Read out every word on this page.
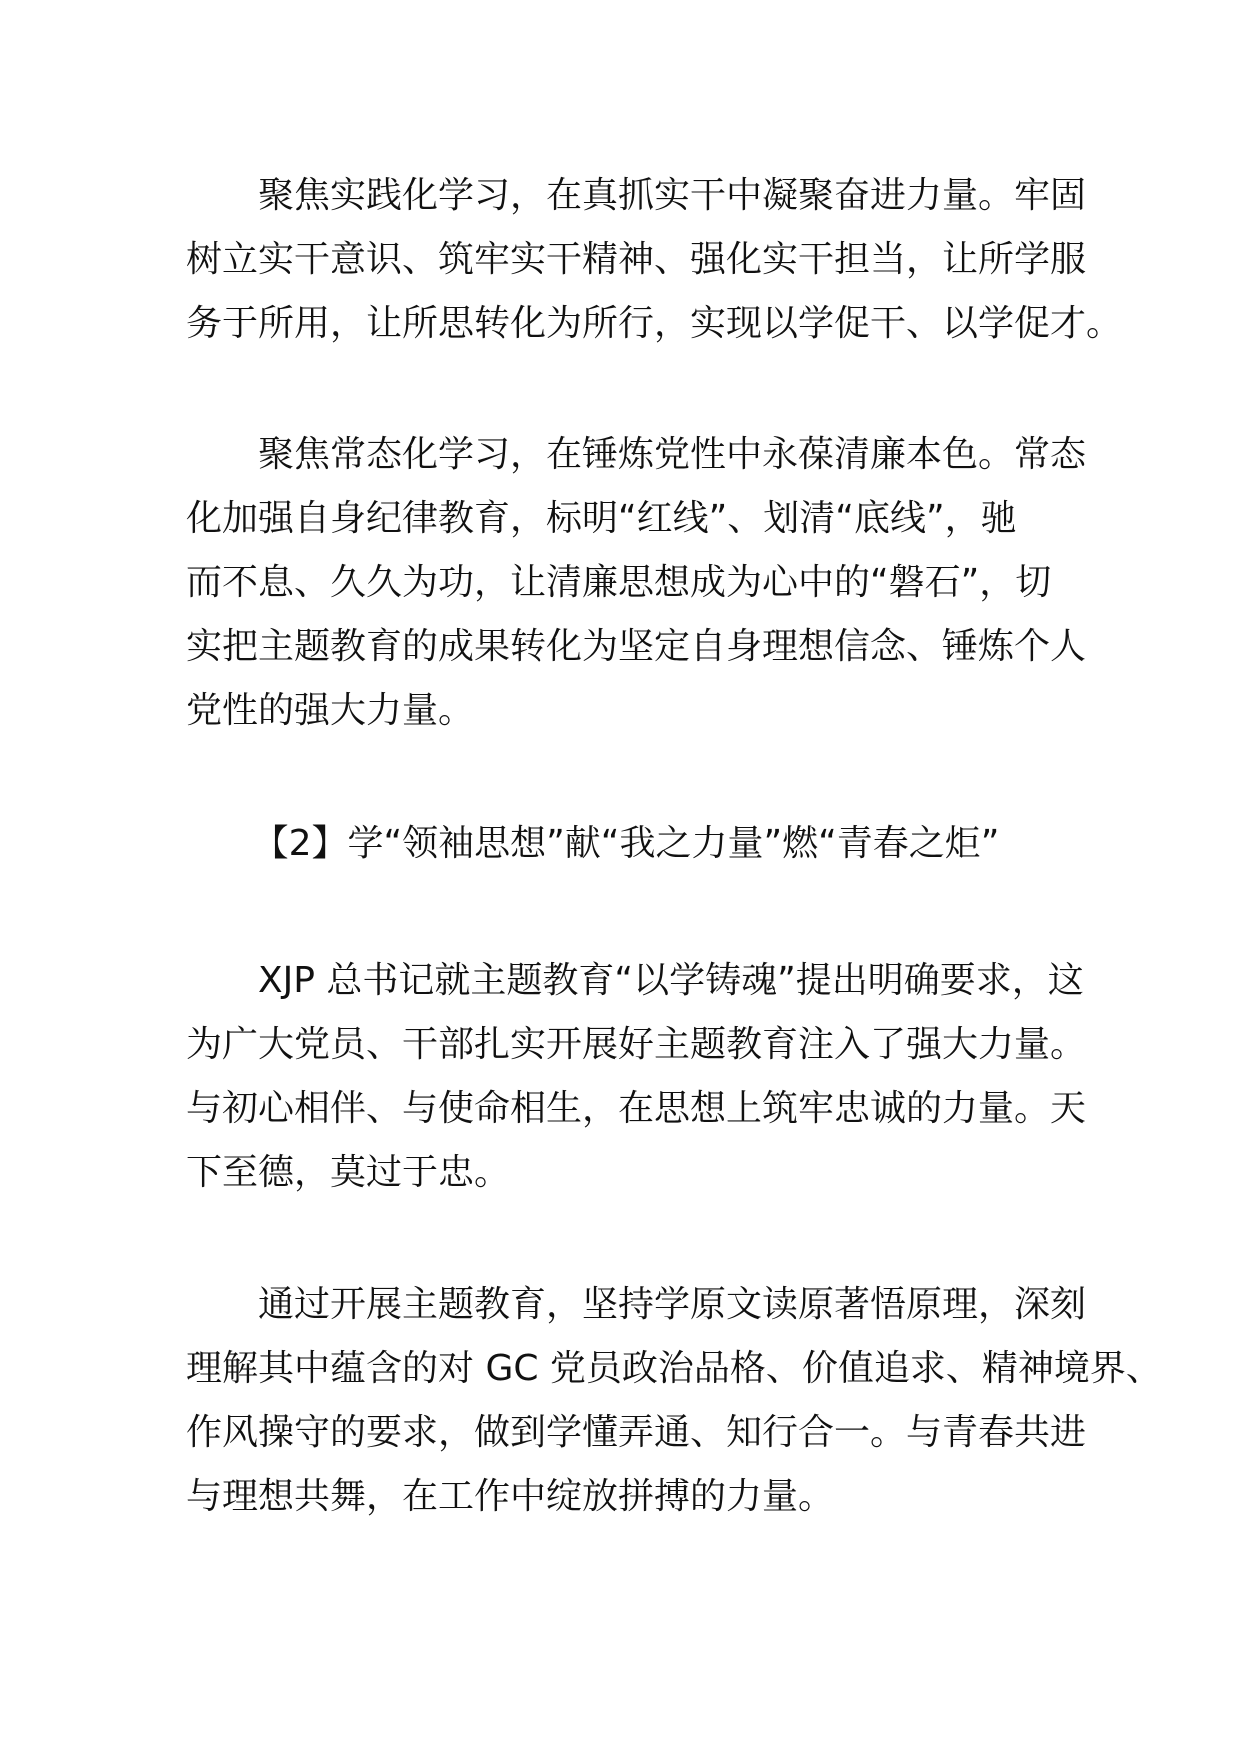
聚焦实践化学习，在真抓实干中凝聚奋进力量。牢固
树立实干意识、筑牢实干精神、强化实干担当，让所学服
务于所用，让所思转化为所行，实现以学促干、以学促才。
聚焦常态化学习，在锤炼党性中永葆清廉本色。常态
化加强自身纪律教育，标明“红线”、划清“底线”，驰
而不息、久久为功，让清廉思想成为心中的“磐石”，切
实把主题教育的成果转化为坚定自身理想信念、锤炼个人
党性的强大力量。
【2】学“领袖思想”献“我之力量”燃“青春之炬”
XJP 总书记就主题教育“以学铸魂”提出明确要求，这
为广大党员、干部扎实开展好主题教育注入了强大力量。
与初心相伴、与使命相生，在思想上筑牢忠诚的力量。天
下至德，莫过于忠。
通过开展主题教育，坚持学原文读原著悟原理，深刻
理解其中蕴含的对 GC 党员政治品格、价值追求、精神境界、
作风操守的要求，做到学懂弄通、知行合一。与青春共进
与理想共舞，在工作中绽放拼搏的力量。
